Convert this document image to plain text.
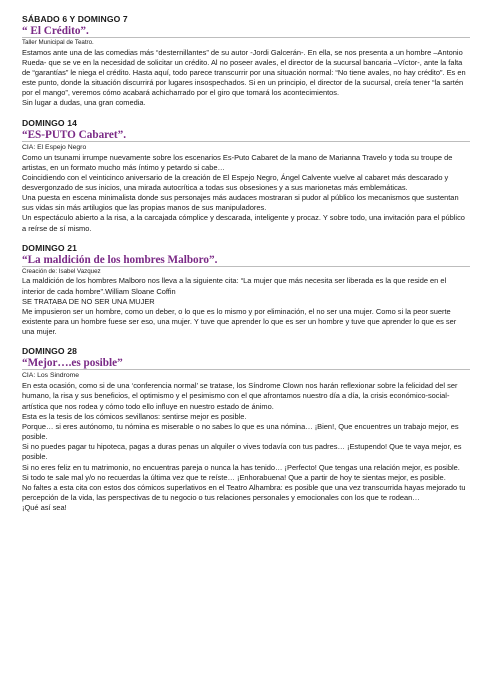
SÁBADO 6 Y DOMINGO 7
“ El Crédito”.
Taller Municipal de Teatro.
Estamos ante una de las comedias más “desternillantes” de su autor -Jordi Galcerán-. En ella, se nos presenta a un hombre –Antonio Rueda- que se ve en la necesidad de solicitar un crédito. Al no poseer avales, el director de la sucursal bancaria –Víctor-, ante la falta de “garantías” le niega el crédito. Hasta aquí, todo parece transcurrir por una situación normal: “No tiene avales, no hay crédito”. Es en este punto, donde la situación discurrirá por lugares insospechados. Si en un principio, el director de la sucursal, creía tener “la sartén por el mango”, veremos cómo acabará achicharrado por el giro que tomará los acontecimientos.
Sin lugar a dudas, una gran comedia.
DOMINGO 14
“ES-PUTO Cabaret”.
CIA: El Espejo Negro
Como un tsunami irrumpe nuevamente sobre los escenarios Es-Puto Cabaret de la mano de Marianna Travelo y toda su troupe de artistas, en un formato mucho más íntimo y petardo si cabe…
Coincidiendo con el veinticinco aniversario de la creación de El Espejo Negro, Ángel Calvente vuelve al cabaret más descarado y desvergonzado de sus inicios, una mirada autocrítica a todas sus obsesiones y a sus marionetas más emblemáticas.
Una puesta en escena minimalista donde sus personajes más audaces mostraran si pudor al público los mecanismos que sustentan sus vidas sin más artilugios que las propias manos de sus manipuladores.
Un espectáculo abierto a la risa, a la carcajada cómplice y descarada, inteligente y procaz. Y sobre todo, una invitación para el público a reírse de sí mismo.
DOMINGO 21
“La maldición de los hombres Malboro”.
Creación de: Isabel Vazquez
La maldición de los hombres Malboro nos lleva a la siguiente cita: “La mujer que más necesita ser liberada es la que reside en el interior de cada hombre”.William Sloane Coffin
SE TRATABA DE NO SER UNA MUJER
Me impusieron ser un hombre, como un deber, o lo que es lo mismo y por eliminación, el no ser una mujer. Como si la peor suerte existente para un hombre fuese ser eso, una mujer. Y tuve que aprender lo que es ser un hombre y tuve que aprender lo que es ser una mujer.
DOMINGO 28
“Mejor….es posible”
CIA: Los Sindrome
En esta ocasión, como si de una ‘conferencia normal’ se tratase, los Síndrome Clown nos harán reflexionar sobre la felicidad del ser humano, la risa y sus beneficios, el optimismo y el pesimismo con el que afrontamos nuestro día a día, la crisis económico-social-artística que nos rodea y cómo todo ello influye en nuestro estado de ánimo.
Esta es la tesis de los cómicos sevillanos: sentirse mejor es posible.
Porque… si eres autónomo, tu nómina es miserable o no sabes lo que es una nómina… ¡Bien!, Que encuentres un trabajo mejor, es posible.
Si no puedes pagar tu hipoteca, pagas a duras penas un alquiler o vives todavía con tus padres… ¡Estupendo! Que te vaya mejor, es posible.
Si no eres feliz en tu matrimonio, no encuentras pareja o nunca la has tenido… ¡Perfecto! Que tengas una relación mejor, es posible.
Si todo te sale mal y/o no recuerdas la última vez que te reíste… ¡Enhorabuena! Que a partir de hoy te sientas mejor, es posible.
No faltes a esta cita con estos dos cómicos superlativos en el Teatro Alhambra: es posible que una vez transcurrida hayas mejorado tu percepción de la vida, las perspectivas de tu negocio o tus relaciones personales y emocionales con los que te rodean…
¡Qué así sea!
